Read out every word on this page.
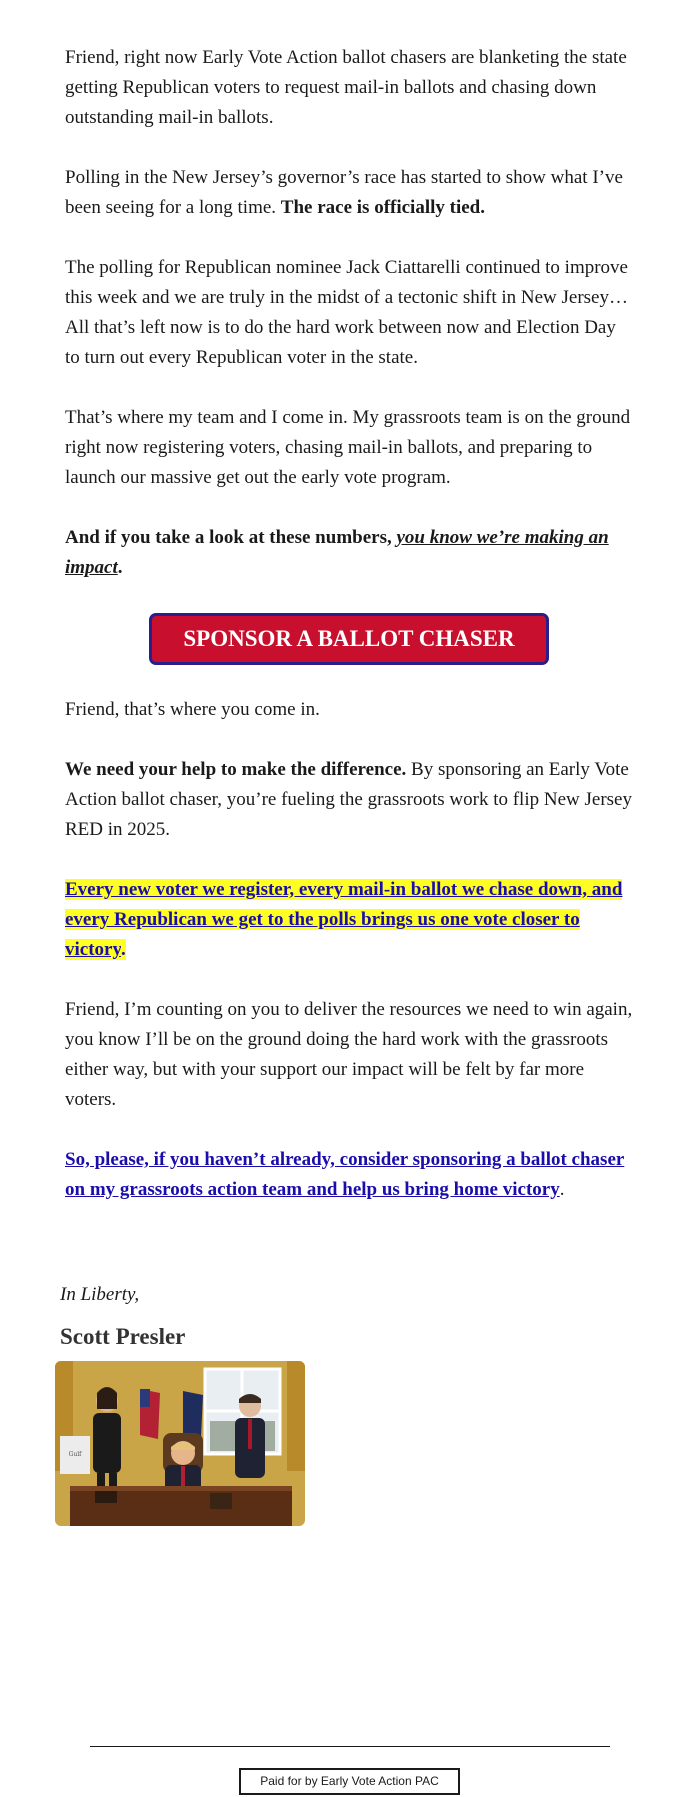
Friend, right now Early Vote Action ballot chasers are blanketing the state getting Republican voters to request mail-in ballots and chasing down outstanding mail-in ballots.

Polling in the New Jersey’s governor’s race has started to show what I’ve been seeing for a long time. The race is officially tied.

The polling for Republican nominee Jack Ciattarelli continued to improve this week and we are truly in the midst of a tectonic shift in New Jersey… All that’s left now is to do the hard work between now and Election Day to turn out every Republican voter in the state.

That’s where my team and I come in. My grassroots team is on the ground right now registering voters, chasing mail-in ballots, and preparing to launch our massive get out the early vote program.

And if you take a look at these numbers, you know we’re making an impact.

SPONSOR A BALLOT CHASER

Friend, that’s where you come in.

We need your help to make the difference. By sponsoring an Early Vote Action ballot chaser, you’re fueling the grassroots work to flip New Jersey RED in 2025.

Every new voter we register, every mail-in ballot we chase down, and every Republican we get to the polls brings us one vote closer to victory.

Friend, I’m counting on you to deliver the resources we need to win again, you know I’ll be on the ground doing the hard work with the grassroots either way, but with your support our impact will be felt by far more voters.

So, please, if you haven’t already, consider sponsoring a ballot chaser on my grassroots action team and help us bring home victory.

In Liberty,
Scott Presler
Gulf
Paid for by Early Vote Action PAC
